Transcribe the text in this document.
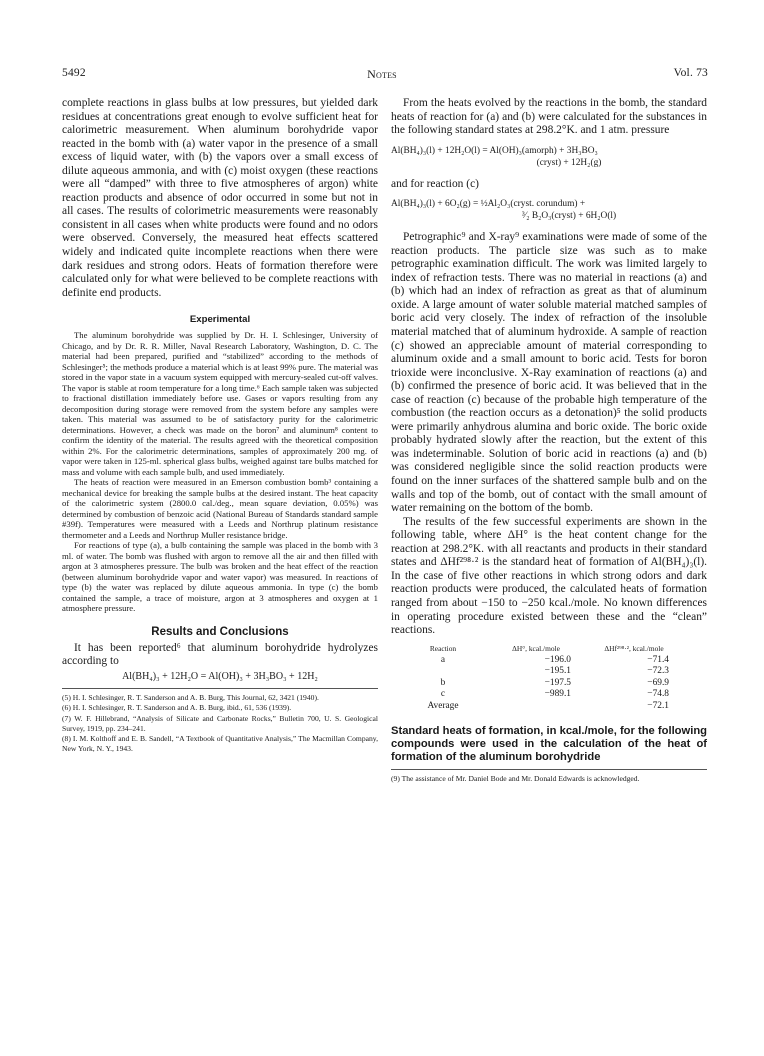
5492	Notes	Vol. 73

complete reactions in glass bulbs at low pressures, but yielded dark residues at concentrations great enough to evolve sufficient heat for calorimetric measurement. When aluminum borohydride vapor reacted in the bomb with (a) water vapor in the presence of a small excess of liquid water, with (b) the vapors over a small excess of dilute aqueous ammonia, and with (c) moist oxygen (these reactions were all “damped” with three to five atmospheres of argon) white reaction products and absence of odor occurred in some but not in all cases. The results of colorimetric measurements were reasonably consistent in all cases when white products were found and no odors were observed. Conversely, the measured heat effects scattered widely and indicated quite incomplete reactions when there were dark residues and strong odors. Heats of formation therefore were calculated only for what were believed to be complete reactions with definite end products.

Experimental

The aluminum borohydride was supplied by Dr. H. I. Schlesinger, University of Chicago, and by Dr. R. R. Miller, Naval Research Laboratory, Washington, D. C. The material had been prepared, purified and “stabilized” according to the methods of Schlesinger⁵; the methods produce a material which is at least 99% pure. The material was stored in the vapor state in a vacuum system equipped with mercury-sealed cut-off valves. The vapor is stable at room temperature for a long time.⁶ Each sample taken was subjected to fractional distillation immediately before use. Gases or vapors resulting from any decomposition during storage were removed from the system before any samples were taken. This material was assumed to be of satisfactory purity for the calorimetric determinations. However, a check was made on the boron⁷ and aluminum⁸ content to confirm the identity of the material. The results agreed with the theoretical composition within 2%. For the calorimetric determinations, samples of approximately 200 mg. of vapor were taken in 125-ml. spherical glass bulbs, weighed against tare bulbs matched for mass and volume with each sample bulb, and used immediately.

The heats of reaction were measured in an Emerson combustion bomb³ containing a mechanical device for breaking the sample bulbs at the desired instant. The heat capacity of the calorimetric system (2800.0 cal./deg., mean square deviation, 0.05%) was determined by combustion of benzoic acid (National Bureau of Standards standard sample #39f). Temperatures were measured with a Leeds and Northrup platinum resistance thermometer and a Leeds and Northrup Muller resistance bridge.

For reactions of type (a), a bulb containing the sample was placed in the bomb with 3 ml. of water. The bomb was flushed with argon to remove all the air and then filled with argon at 3 atmospheres pressure. The bulb was broken and the heat effect of the reaction (between aluminum borohydride vapor and water vapor) was measured. In reactions of type (b) the water was replaced by dilute aqueous ammonia. In type (c) the bomb contained the sample, a trace of moisture, argon at 3 atmospheres and oxygen at 1 atmosphere pressure.

Results and Conclusions

It has been reported⁶ that aluminum borohydride hydrolyzes according to

Al(BH₄)₃ + 12H₂O = Al(OH)₃ + 3H₃BO₃ + 12H₂

(5) H. I. Schlesinger, R. T. Sanderson and A. B. Burg, This Journal, 62, 3421 (1940).

(6) H. I. Schlesinger, R. T. Sanderson and A. B. Burg, ibid., 61, 536 (1939).

(7) W. F. Hillebrand, “Analysis of Silicate and Carbonate Rocks,” Bulletin 700, U. S. Geological Survey, 1919, pp. 234–241.

(8) I. M. Kolthoff and E. B. Sandell, “A Textbook of Quantitative Analysis,” The Macmillan Company, New York, N. Y., 1943.

From the heats evolved by the reactions in the bomb, the standard heats of reaction for (a) and (b) were calculated for the substances in the following standard states at 298.2°K. and 1 atm. pressure

Al(BH₄)₃(l) + 12H₂O(l) = Al(OH)₃(amorph) + 3H₃BO₃
(cryst) + 12H₂(g)

and for reaction (c)

Al(BH₄)₃(l) + 6O₂(g) = ½Al₂O₃(cryst. corundum) +
³⁄₂ B₂O₃(cryst) + 6H₂O(l)

Petrographic⁹ and X-ray⁹ examinations were made of some of the reaction products. The particle size was such as to make petrographic examination difficult. The work was limited largely to index of refraction tests. There was no material in reactions (a) and (b) which had an index of refraction as great as that of aluminum oxide. A large amount of water soluble material matched samples of boric acid very closely. The index of refraction of the insoluble material matched that of aluminum hydroxide. A sample of reaction (c) showed an appreciable amount of material corresponding to aluminum oxide and a small amount to boric acid. Tests for boron trioxide were inconclusive. X-Ray examination of reactions (a) and (b) confirmed the presence of boric acid. It was believed that in the case of reaction (c) because of the probable high temperature of the combustion (the reaction occurs as a detonation)⁵ the solid products were primarily anhydrous alumina and boric oxide. The boric oxide probably hydrated slowly after the reaction, but the extent of this was indeterminable. Solution of boric acid in reactions (a) and (b) was considered negligible since the solid reaction products were found on the inner surfaces of the shattered sample bulb and on the walls and top of the bomb, out of contact with the small amount of water remaining on the bottom of the bomb.

The results of the few successful experiments are shown in the following table, where ΔH° is the heat content change for the reaction at 298.2°K. with all reactants and products in their standard states and ΔHf²⁹⁸·² is the standard heat of formation of Al(BH₄)₃(l). In the case of five other reactions in which strong odors and dark reaction products were produced, the calculated heats of formation ranged from about −150 to −250 kcal./mole. No known differences in operating procedure existed between these and the “clean” reactions.

Reaction	ΔH°, kcal./mole	ΔHf²⁹⁸·², kcal./mole
a	−196.0	−71.4
	−195.1	−72.3
b	−197.5	−69.9
c	−989.1	−74.8
Average		−72.1

Standard heats of formation, in kcal./mole, for the following compounds were used in the calculation of the heat of formation of the aluminum borohydride

(9) The assistance of Mr. Daniel Bode and Mr. Donald Edwards is acknowledged.
